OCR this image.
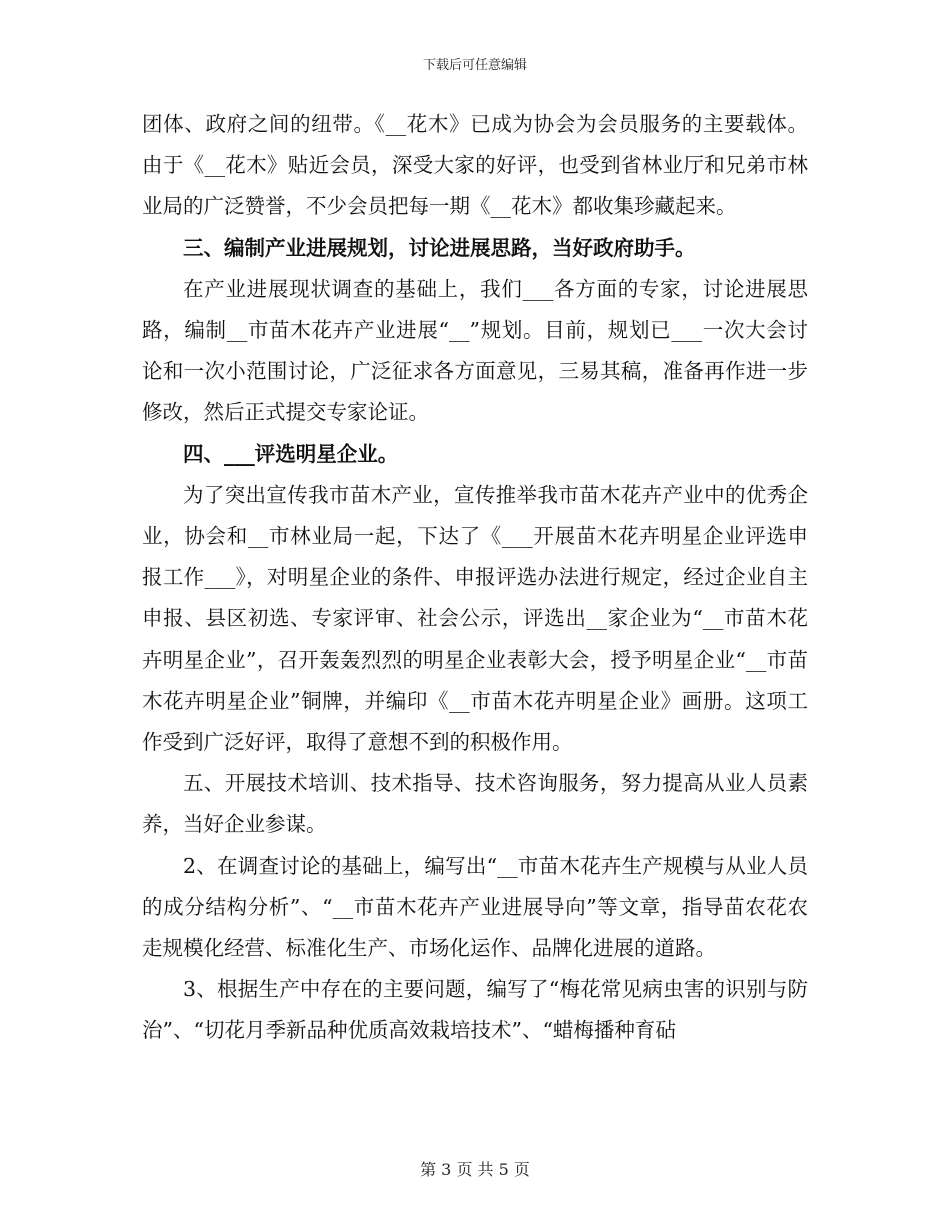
下载后可任意编辑

团体、政府之间的纽带。《__花木》已成为协会为会员服务的主要载体。由于《__花木》贴近会员，深受大家的好评，也受到省林业厅和兄弟市林业局的广泛赞誉，不少会员把每一期《__花木》都收集珍藏起来。

三、编制产业进展规划，讨论进展思路，当好政府助手。

在产业进展现状调查的基础上，我们___各方面的专家，讨论进展思路，编制__市苗木花卉产业进展“__”规划。目前，规划已___一次大会讨论和一次小范围讨论，广泛征求各方面意见，三易其稿，准备再作进一步修改，然后正式提交专家论证。

四、___评选明星企业。

为了突出宣传我市苗木产业，宣传推举我市苗木花卉产业中的优秀企业，协会和__市林业局一起，下达了《___开展苗木花卉明星企业评选申报工作___》，对明星企业的条件、申报评选办法进行规定，经过企业自主申报、县区初选、专家评审、社会公示，评选出__家企业为“__市苗木花卉明星企业”，召开轰轰烈烈的明星企业表彰大会，授予明星企业“__市苗木花卉明星企业”铜牌，并编印《__市苗木花卉明星企业》画册。这项工作受到广泛好评，取得了意想不到的积极作用。

五、开展技术培训、技术指导、技术咨询服务，努力提高从业人员素养，当好企业参谋。

2、在调查讨论的基础上，编写出“__市苗木花卉生产规模与从业人员的成分结构分析”、“__市苗木花卉产业进展导向”等文章，指导苗农花农走规模化经营、标准化生产、市场化运作、品牌化进展的道路。

3、根据生产中存在的主要问题，编写了“梅花常见病虫害的识别与防治”、“切花月季新品种优质高效栽培技术”、“蜡梅播种育砧

第 3 页 共 5 页
